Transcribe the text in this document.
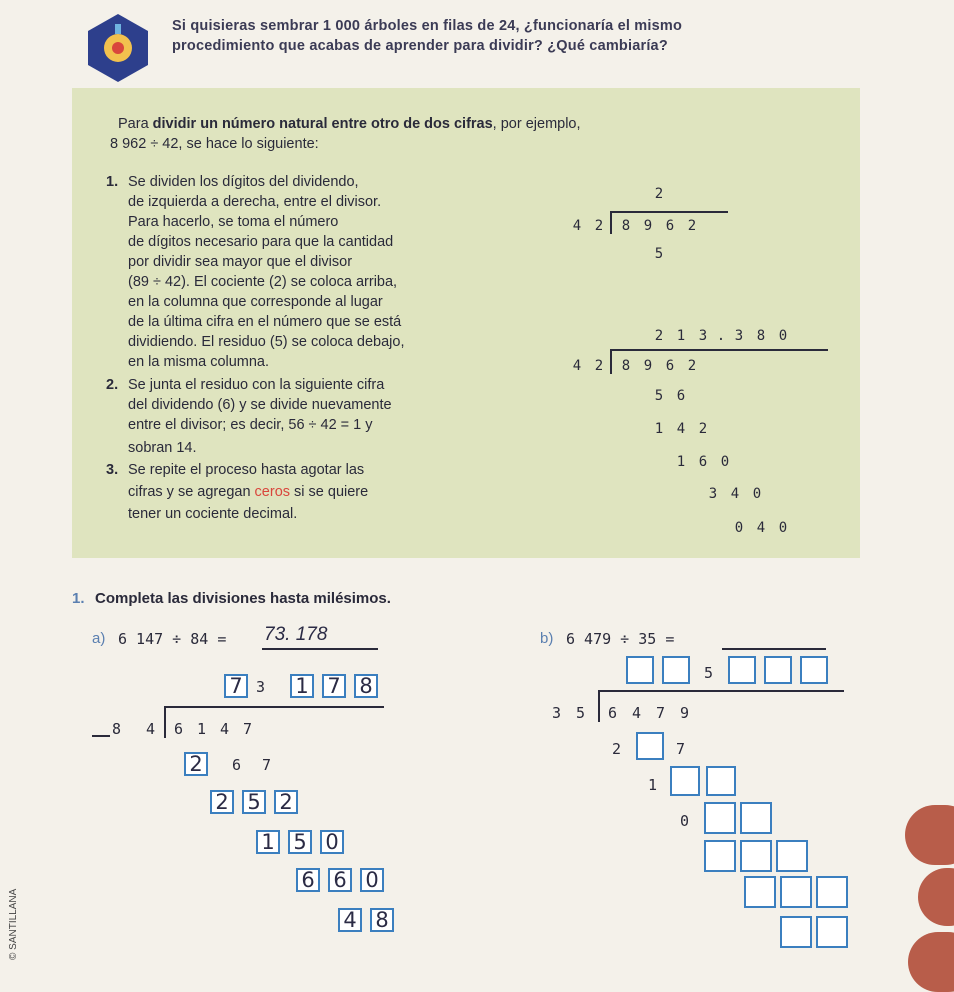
Si quisieras sembrar 1 000 árboles en filas de 24, ¿funcionaría el mismo
procedimiento que acabas de aprender para dividir? ¿Qué cambiaría?
Para dividir un número natural entre otro de dos cifras, por ejemplo,
8 962 ÷ 42, se hace lo siguiente:
1. Se dividen los dígitos del dividendo,
de izquierda a derecha, entre el divisor.
Para hacerlo, se toma el número
de dígitos necesario para que la cantidad
por dividir sea mayor que el divisor
(89 ÷ 42). El cociente (2) se coloca arriba,
en la columna que corresponde al lugar
de la última cifra en el número que se está
dividiendo. El residuo (5) se coloca debajo,
en la misma columna.
2. Se junta el residuo con la siguiente cifra
del dividendo (6) y se divide nuevamente
entre el divisor; es decir, 56 ÷ 42 = 1 y
sobran 14.
3. Se repite el proceso hasta agotar las
cifras y se agregan ceros si se quiere
tener un cociente decimal.
2
4 2	8 9 6 2
5
2 1 3 . 3 8 0
4 2	8 9 6 2
5 6
1 4 2
1 6 0
3 4 0
0 4 0
1. Completa las divisiones hasta milésimos.
a) 6 147 ÷ 84 = 73. 178
7 3 1 7 8
8 4 6 1 4 7
2	6 7
2 5 2
1 5 0
6 6 0
4 8
b) 6 479 ÷ 35 =
5
3 5 6 4 7 9
2	7
1
0
© SANTILLANA
